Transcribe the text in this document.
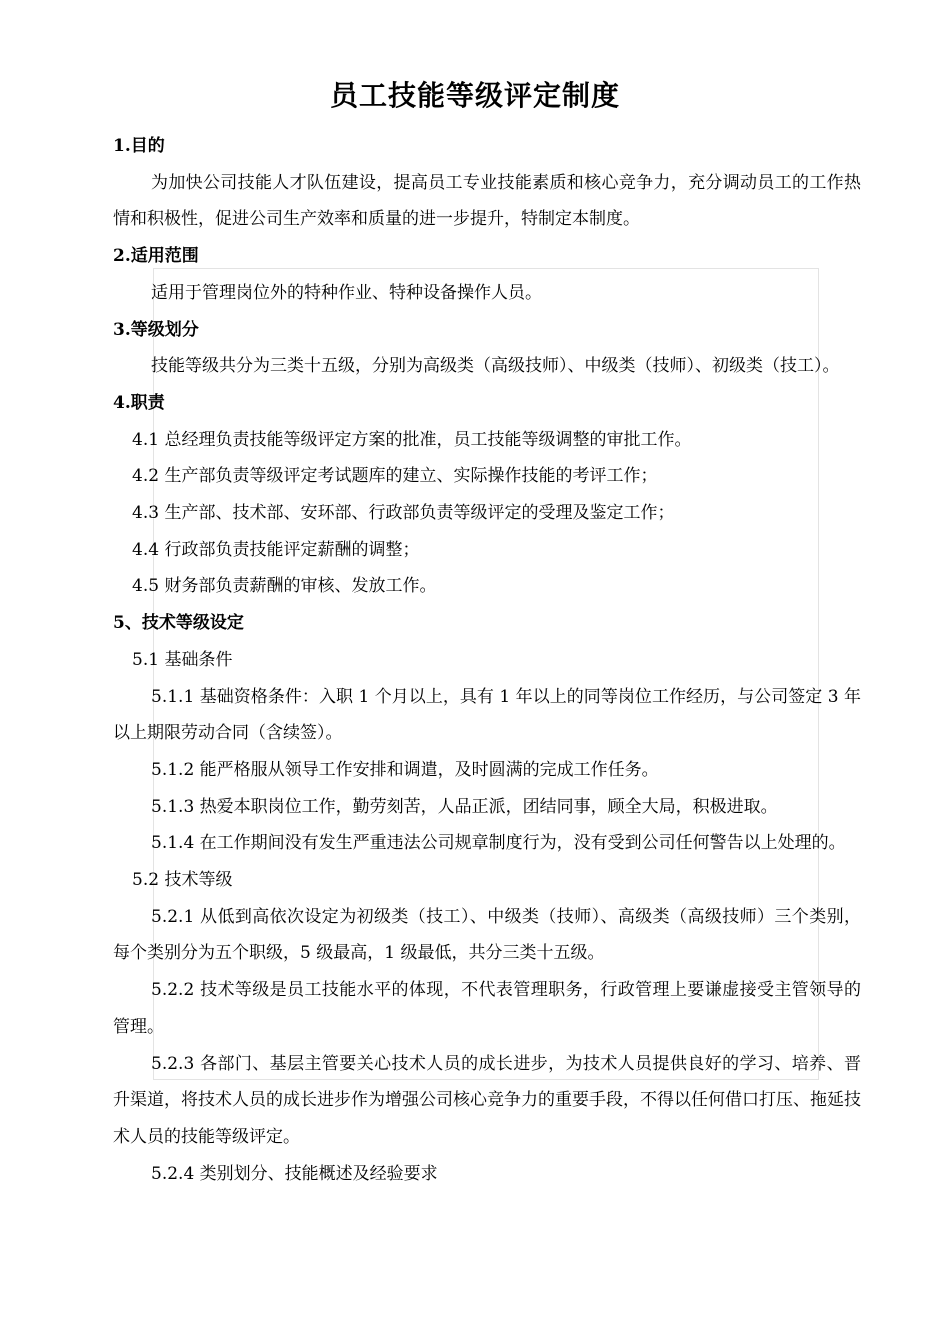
员工技能等级评定制度

1.目的

为加快公司技能人才队伍建设，提高员工专业技能素质和核心竞争力，充分调动员工的工作热情和积极性，促进公司生产效率和质量的进一步提升，特制定本制度。

2.适用范围

适用于管理岗位外的特种作业、特种设备操作人员。

3.等级划分

技能等级共分为三类十五级，分别为高级类（高级技师）、中级类（技师）、初级类（技工）。

4.职责

4.1 总经理负责技能等级评定方案的批准，员工技能等级调整的审批工作。

4.2 生产部负责等级评定考试题库的建立、实际操作技能的考评工作；

4.3 生产部、技术部、安环部、行政部负责等级评定的受理及鉴定工作；

4.4 行政部负责技能评定薪酬的调整；

4.5 财务部负责薪酬的审核、发放工作。

5、技术等级设定

5.1 基础条件

5.1.1 基础资格条件：入职 1 个月以上，具有 1 年以上的同等岗位工作经历，与公司签定 3 年以上期限劳动合同（含续签）。

5.1.2 能严格服从领导工作安排和调遣，及时圆满的完成工作任务。

5.1.3 热爱本职岗位工作，勤劳刻苦，人品正派，团结同事，顾全大局，积极进取。

5.1.4 在工作期间没有发生严重违法公司规章制度行为，没有受到公司任何警告以上处理的。

5.2 技术等级

5.2.1 从低到高依次设定为初级类（技工）、中级类（技师）、高级类（高级技师）三个类别，每个类别分为五个职级，5 级最高，1 级最低，共分三类十五级。

5.2.2 技术等级是员工技能水平的体现，不代表管理职务，行政管理上要谦虚接受主管领导的管理。

5.2.3 各部门、基层主管要关心技术人员的成长进步，为技术人员提供良好的学习、培养、晋升渠道，将技术人员的成长进步作为增强公司核心竞争力的重要手段，不得以任何借口打压、拖延技术人员的技能等级评定。

5.2.4 类别划分、技能概述及经验要求
